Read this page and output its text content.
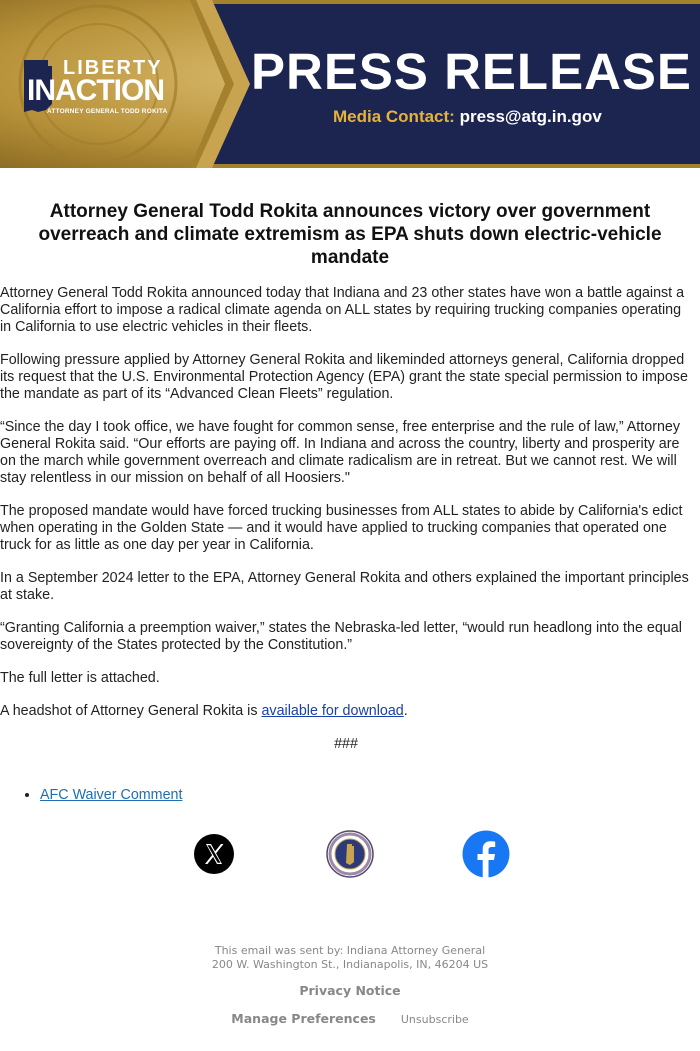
LIBERTY
INACTION
ATTORNEY GENERAL TODD ROKITA
PRESS RELEASE
Media Contact: press@atg.in.gov
Attorney General Todd Rokita announces victory over government overreach and climate extremism as EPA shuts down electric-vehicle mandate

Attorney General Todd Rokita announced today that Indiana and 23 other states have won a battle against a California effort to impose a radical climate agenda on ALL states by requiring trucking companies operating in California to use electric vehicles in their fleets.

Following pressure applied by Attorney General Rokita and likeminded attorneys general, California dropped its request that the U.S. Environmental Protection Agency (EPA) grant the state special permission to impose the mandate as part of its “Advanced Clean Fleets” regulation.

“Since the day I took office, we have fought for common sense, free enterprise and the rule of law,” Attorney General Rokita said. “Our efforts are paying off. In Indiana and across the country, liberty and prosperity are on the march while government overreach and climate radicalism are in retreat. But we cannot rest. We will stay relentless in our mission on behalf of all Hoosiers."

The proposed mandate would have forced trucking businesses from ALL states to abide by California's edict when operating in the Golden State — and it would have applied to trucking companies that operated one truck for as little as one day per year in California.

In a September 2024 letter to the EPA, Attorney General Rokita and others explained the important principles at stake.

“Granting California a preemption waiver,” states the Nebraska-led letter, “would run headlong into the equal sovereignty of the States protected by the Constitution.”

The full letter is attached.

A headshot of Attorney General Rokita is available for download.

###

• AFC Waiver Comment
This email was sent by: Indiana Attorney General
200 W. Washington St., Indianapolis, IN, 46204 US
Privacy Notice
Manage Preferences Unsubscribe
